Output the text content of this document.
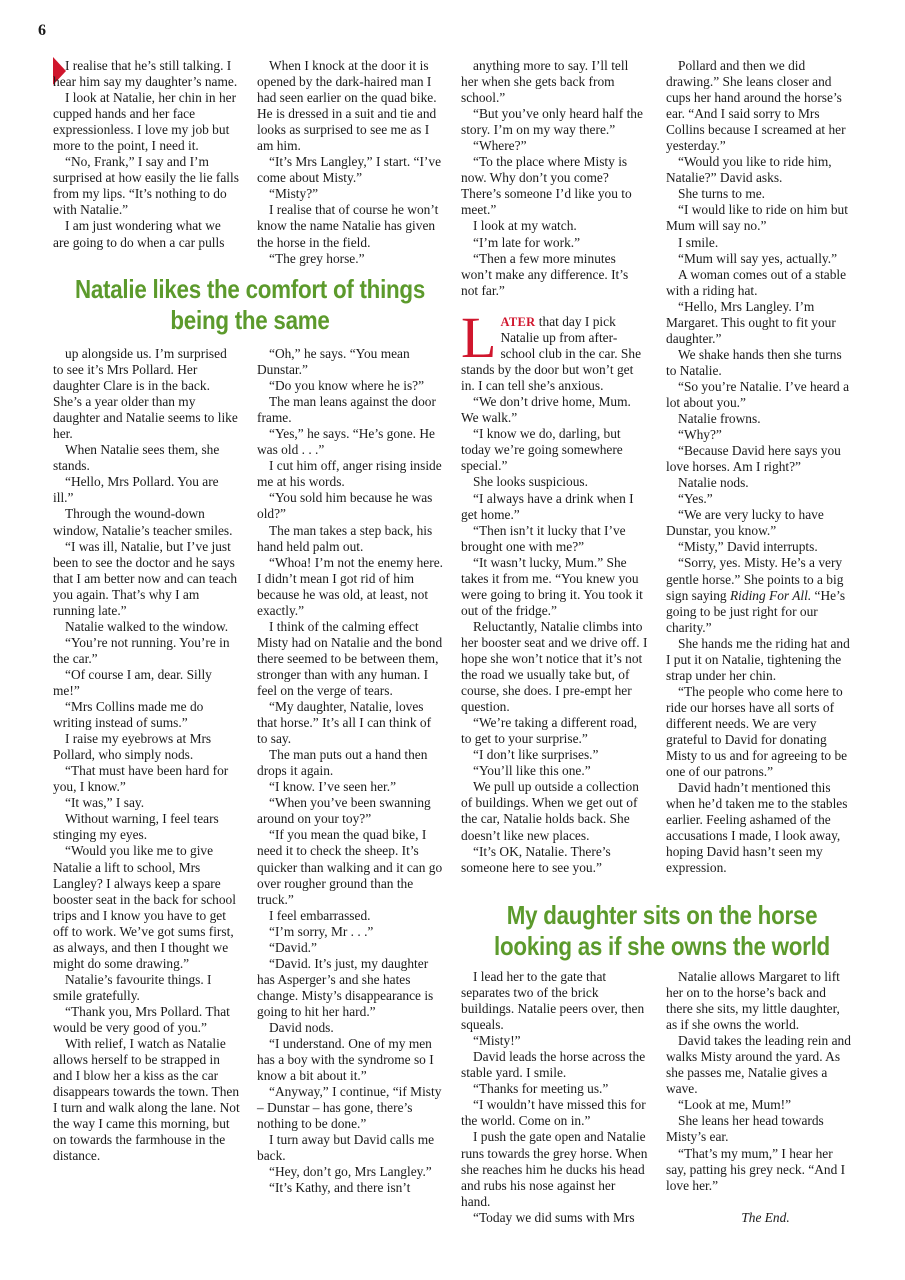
6

I realise that he’s still talking. I hear him say my daughter’s name.

I look at Natalie, her chin in her cupped hands and her face expressionless. I love my job but more to the point, I need it.

“No, Frank,” I say and I’m surprised at how easily the lie falls from my lips. “It’s nothing to do with Natalie.”

I am just wondering what we are going to do when a car pulls

When I knock at the door it is opened by the dark-haired man I had seen earlier on the quad bike. He is dressed in a suit and tie and looks as surprised to see me as I am him.

“It’s Mrs Langley,” I start. “I’ve come about Misty.”

“Misty?”

I realise that of course he won’t know the name Natalie has given the horse in the field.

“The grey horse.”

Natalie likes the comfort of things being the same

up alongside us. I’m surprised to see it’s Mrs Pollard. Her daughter Clare is in the back. She’s a year older than my daughter and Natalie seems to like her.

When Natalie sees them, she stands.

“Hello, Mrs Pollard. You are ill.”

Through the wound-down window, Natalie’s teacher smiles.

“I was ill, Natalie, but I’ve just been to see the doctor and he says that I am better now and can teach you again. That’s why I am running late.”

Natalie walked to the window.

“You’re not running. You’re in the car.”

“Of course I am, dear. Silly me!”

“Mrs Collins made me do writing instead of sums.”

I raise my eyebrows at Mrs Pollard, who simply nods.

“That must have been hard for you, I know.”

“It was,” I say.

Without warning, I feel tears stinging my eyes.

“Would you like me to give Natalie a lift to school, Mrs Langley? I always keep a spare booster seat in the back for school trips and I know you have to get off to work. We’ve got sums first, as always, and then I thought we might do some drawing.”

Natalie’s favourite things. I smile gratefully.

“Thank you, Mrs Pollard. That would be very good of you.”

With relief, I watch as Natalie allows herself to be strapped in and I blow her a kiss as the car disappears towards the town. Then I turn and walk along the lane. Not the way I came this morning, but on towards the farmhouse in the distance.

“Oh,” he says. “You mean Dunstar.”

“Do you know where he is?”

The man leans against the door frame.

“Yes,” he says. “He’s gone. He was old . . .”

I cut him off, anger rising inside me at his words.

“You sold him because he was old?”

The man takes a step back, his hand held palm out.

“Whoa! I’m not the enemy here. I didn’t mean I got rid of him because he was old, at least, not exactly.”

I think of the calming effect Misty had on Natalie and the bond there seemed to be between them, stronger than with any human. I feel on the verge of tears.

“My daughter, Natalie, loves that horse.” It’s all I can think of to say.

The man puts out a hand then drops it again.

“I know. I’ve seen her.”

“When you’ve been swanning around on your toy?”

“If you mean the quad bike, I need it to check the sheep. It’s quicker than walking and it can go over rougher ground than the truck.”

I feel embarrassed.

“I’m sorry, Mr . . .”

“David.”

“David. It’s just, my daughter has Asperger’s and she hates change. Misty’s disappearance is going to hit her hard.”

David nods.

“I understand. One of my men has a boy with the syndrome so I know a bit about it.”

“Anyway,” I continue, “if Misty – Dunstar – has gone, there’s nothing to be done.”

I turn away but David calls me back.

“Hey, don’t go, Mrs Langley.”

“It’s Kathy, and there isn’t

anything more to say. I’ll tell her when she gets back from school.”

“But you’ve only heard half the story. I’m on my way there.”

“Where?”

“To the place where Misty is now. Why don’t you come? There’s someone I’d like you to meet.”

I look at my watch.

“I’m late for work.”

“Then a few more minutes won’t make any difference. It’s not far.”

LATER that day I pick Natalie up from after-school club in the car. She stands by the door but won’t get in. I can tell she’s anxious.

“We don’t drive home, Mum. We walk.”

“I know we do, darling, but today we’re going somewhere special.”

She looks suspicious.

“I always have a drink when I get home.”

“Then isn’t it lucky that I’ve brought one with me?”

“It wasn’t lucky, Mum.” She takes it from me. “You knew you were going to bring it. You took it out of the fridge.”

Reluctantly, Natalie climbs into her booster seat and we drive off. I hope she won’t notice that it’s not the road we usually take but, of course, she does. I pre-empt her question.

“We’re taking a different road, to get to your surprise.”

“I don’t like surprises.”

“You’ll like this one.”

We pull up outside a collection of buildings. When we get out of the car, Natalie holds back. She doesn’t like new places.

“It’s OK, Natalie. There’s someone here to see you.”

Pollard and then we did drawing.” She leans closer and cups her hand around the horse’s ear. “And I said sorry to Mrs Collins because I screamed at her yesterday.”

“Would you like to ride him, Natalie?” David asks.

She turns to me.

“I would like to ride on him but Mum will say no.”

I smile.

“Mum will say yes, actually.”

A woman comes out of a stable with a riding hat.

“Hello, Mrs Langley. I’m Margaret. This ought to fit your daughter.”

We shake hands then she turns to Natalie.

“So you’re Natalie. I’ve heard a lot about you.”

Natalie frowns.

“Why?”

“Because David here says you love horses. Am I right?”

Natalie nods.

“Yes.”

“We are very lucky to have Dunstar, you know.”

“Misty,” David interrupts.

“Sorry, yes. Misty. He’s a very gentle horse.” She points to a big sign saying Riding For All. “He’s going to be just right for our charity.”

She hands me the riding hat and I put it on Natalie, tightening the strap under her chin.

“The people who come here to ride our horses have all sorts of different needs. We are very grateful to David for donating Misty to us and for agreeing to be one of our patrons.”

David hadn’t mentioned this when he’d taken me to the stables earlier. Feeling ashamed of the accusations I made, I look away, hoping David hasn’t seen my expression.

My daughter sits on the horse looking as if she owns the world

I lead her to the gate that separates two of the brick buildings. Natalie peers over, then squeals.

“Misty!”

David leads the horse across the stable yard. I smile.

“Thanks for meeting us.”

“I wouldn’t have missed this for the world. Come on in.”

I push the gate open and Natalie runs towards the grey horse. When she reaches him he ducks his head and rubs his nose against her hand.

“Today we did sums with Mrs

Natalie allows Margaret to lift her on to the horse’s back and there she sits, my little daughter, as if she owns the world.

David takes the leading rein and walks Misty around the yard. As she passes me, Natalie gives a wave.

“Look at me, Mum!”

She leans her head towards Misty’s ear.

“That’s my mum,” I hear her say, patting his grey neck. “And I love her.”

The End.
